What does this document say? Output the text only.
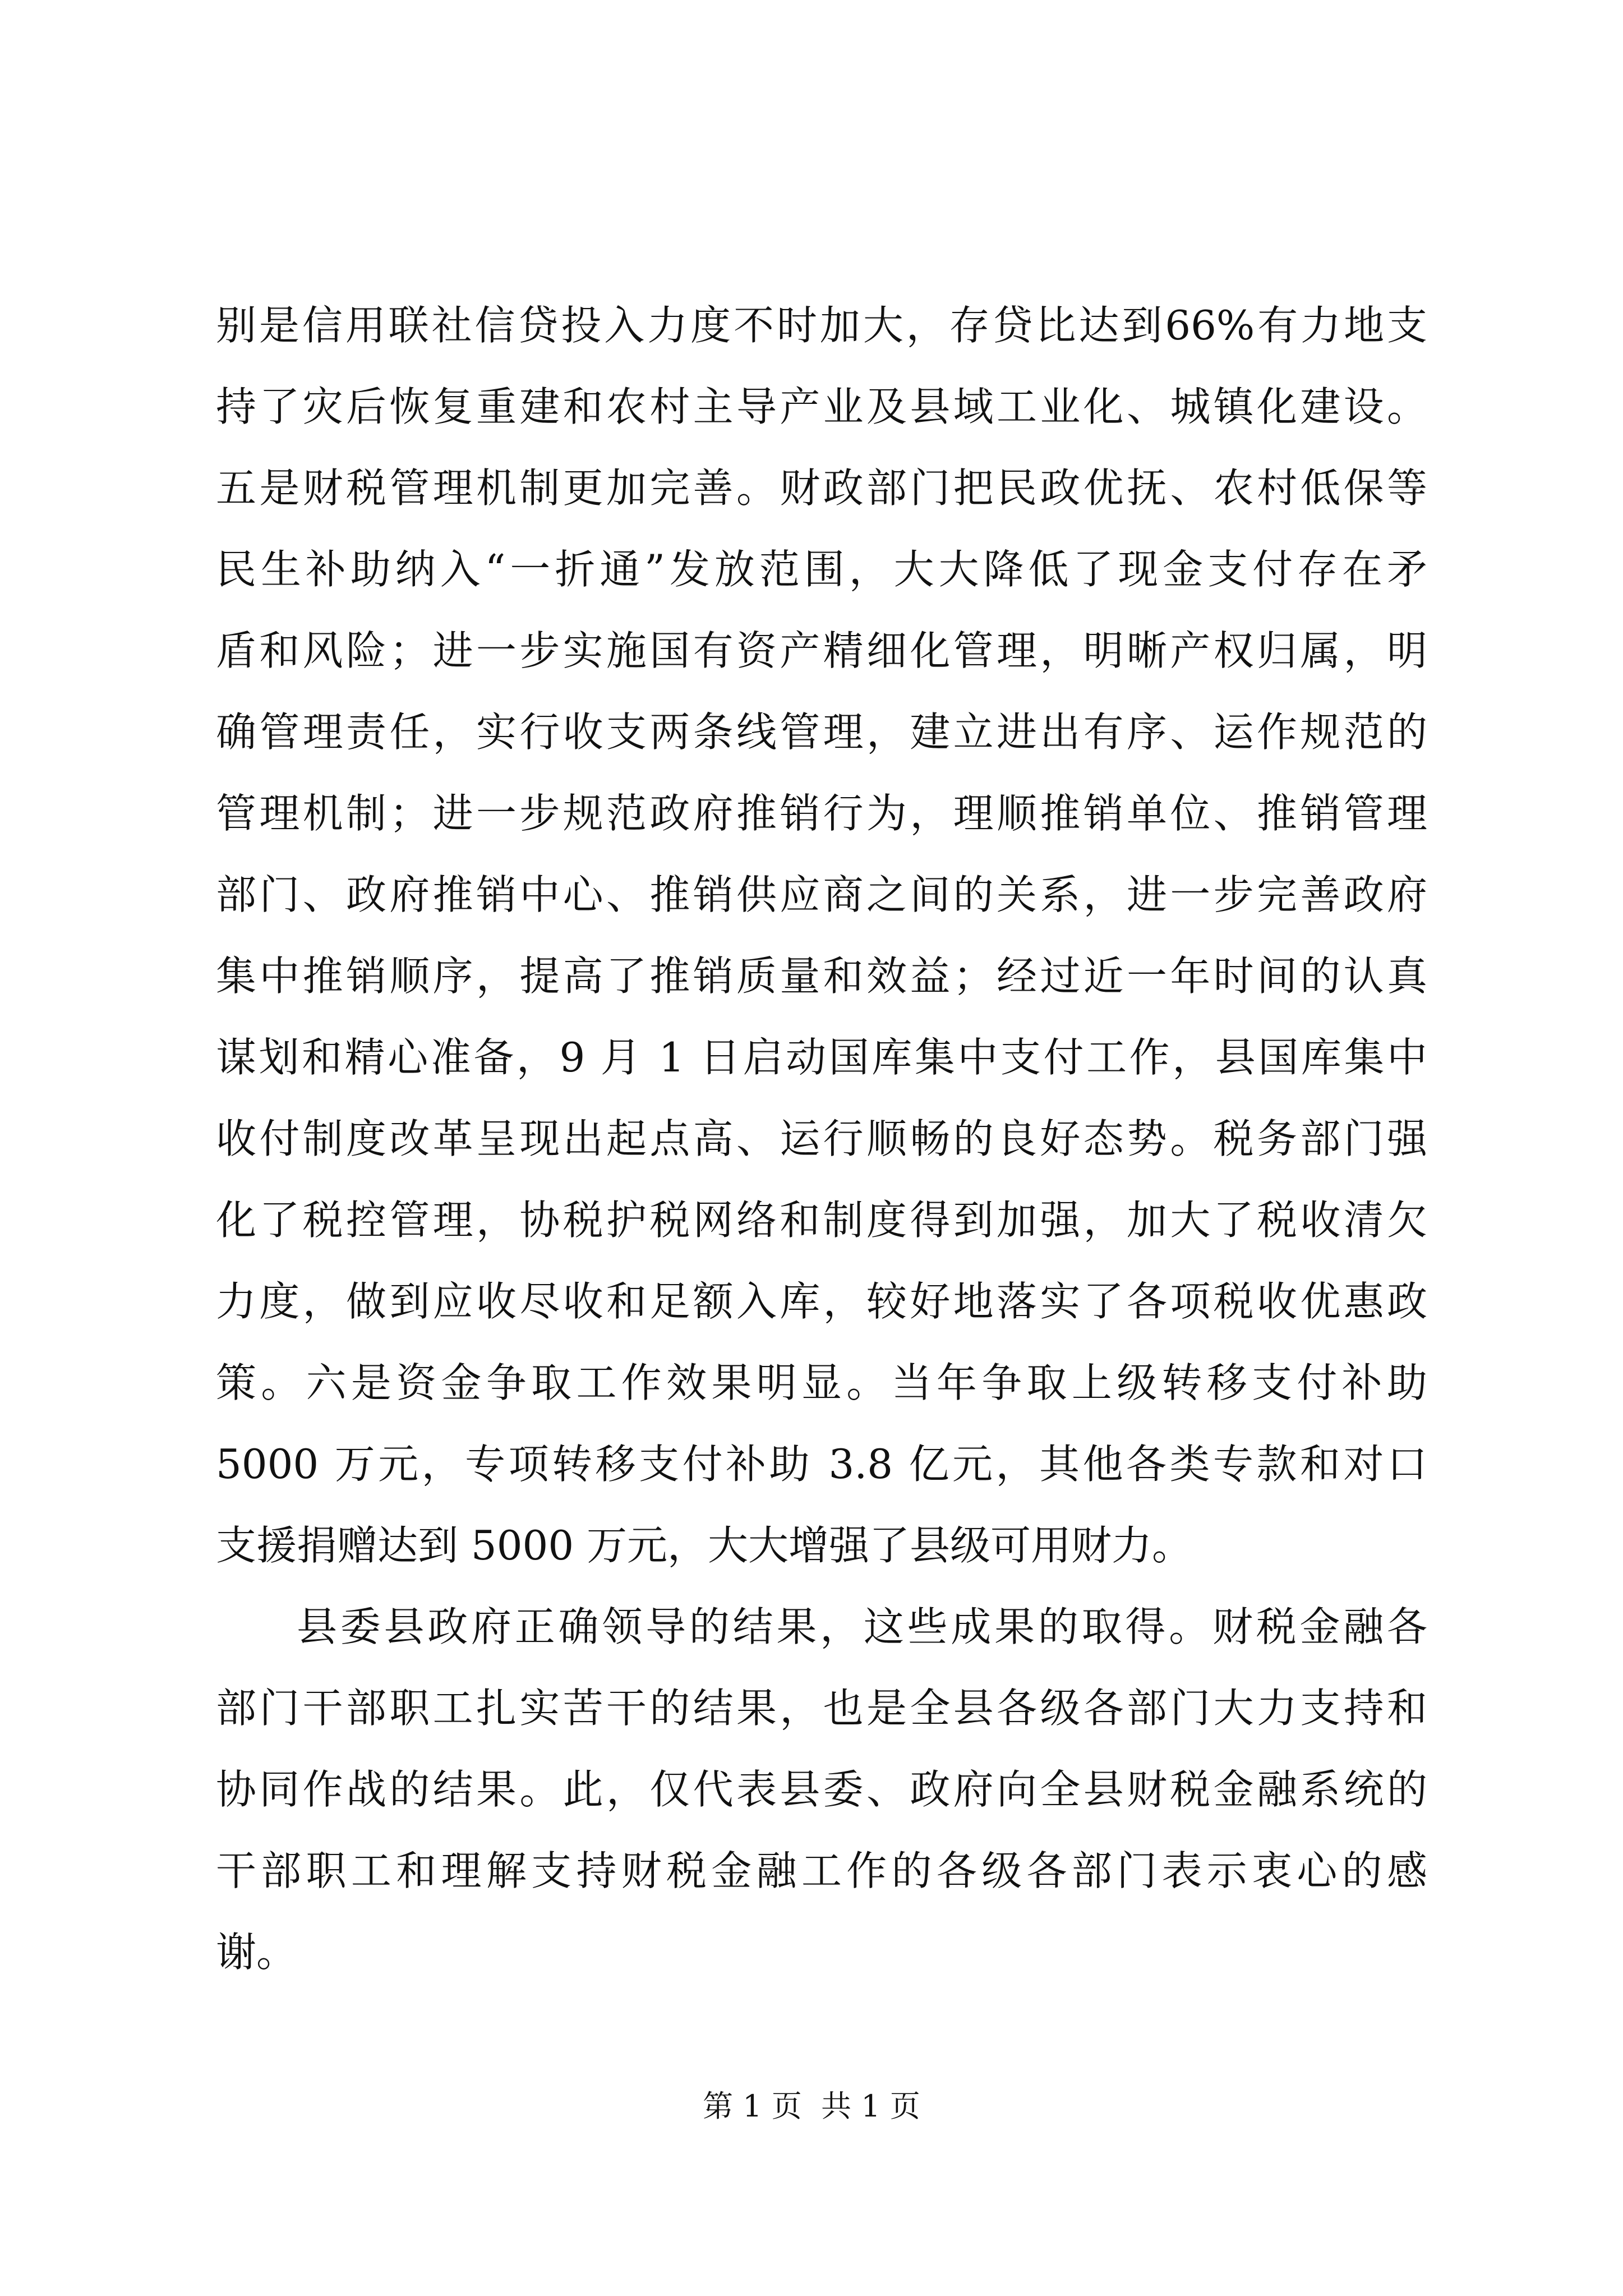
别是信用联社信贷投入力度不时加大，存贷比达到66%有力地支
持了灾后恢复重建和农村主导产业及县域工业化、城镇化建设。
五是财税管理机制更加完善。财政部门把民政优抚、农村低保等
民生补助纳入“一折通”发放范围，大大降低了现金支付存在矛
盾和风险；进一步实施国有资产精细化管理，明晰产权归属，明
确管理责任，实行收支两条线管理，建立进出有序、运作规范的
管理机制；进一步规范政府推销行为，理顺推销单位、推销管理
部门、政府推销中心、推销供应商之间的关系，进一步完善政府
集中推销顺序，提高了推销质量和效益；经过近一年时间的认真
谋划和精心准备，9 月 1 日启动国库集中支付工作，县国库集中
收付制度改革呈现出起点高、运行顺畅的良好态势。税务部门强
化了税控管理，协税护税网络和制度得到加强，加大了税收清欠
力度，做到应收尽收和足额入库，较好地落实了各项税收优惠政
策。六是资金争取工作效果明显。当年争取上级转移支付补助
5000 万元，专项转移支付补助 3.8 亿元，其他各类专款和对口
支援捐赠达到 5000 万元，大大增强了县级可用财力。
县委县政府正确领导的结果，这些成果的取得。财税金融各
部门干部职工扎实苦干的结果，也是全县各级各部门大力支持和
协同作战的结果。此，仅代表县委、政府向全县财税金融系统的
干部职工和理解支持财税金融工作的各级各部门表示衷心的感
谢。
第 1 页  共 1 页
